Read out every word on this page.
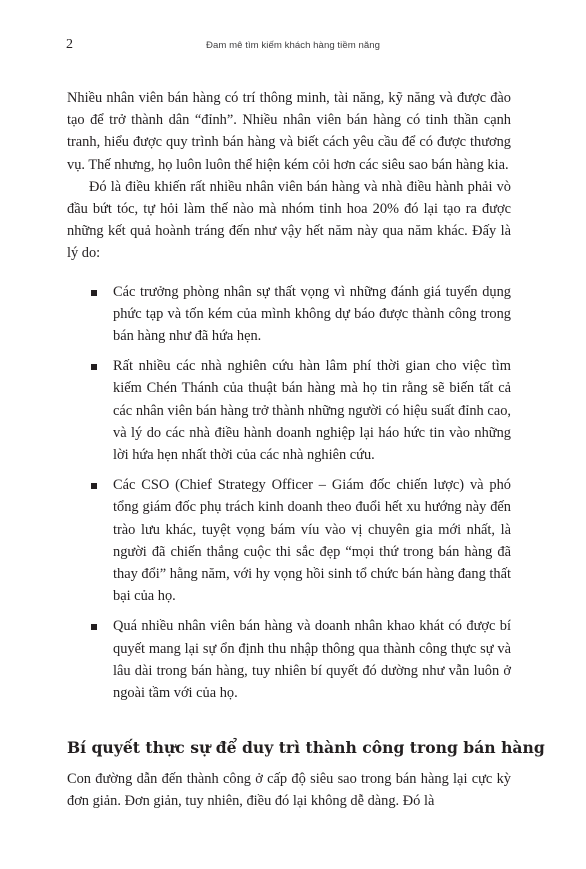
2	Đam mê tìm kiếm khách hàng tiềm năng

Nhiều nhân viên bán hàng có trí thông minh, tài năng, kỹ năng và được đào tạo để trở thành dân “đỉnh”. Nhiều nhân viên bán hàng có tinh thần cạnh tranh, hiểu được quy trình bán hàng và biết cách yêu cầu để có được thương vụ. Thế nhưng, họ luôn luôn thể hiện kém cỏi hơn các siêu sao bán hàng kia.

Đó là điều khiến rất nhiều nhân viên bán hàng và nhà điều hành phải vò đầu bứt tóc, tự hỏi làm thế nào mà nhóm tinh hoa 20% đó lại tạo ra được những kết quả hoành tráng đến như vậy hết năm này qua năm khác. Đấy là lý do:

Các trưởng phòng nhân sự thất vọng vì những đánh giá tuyển dụng phức tạp và tốn kém của mình không dự báo được thành công trong bán hàng như đã hứa hẹn.

Rất nhiều các nhà nghiên cứu hàn lâm phí thời gian cho việc tìm kiếm Chén Thánh của thuật bán hàng mà họ tin rằng sẽ biến tất cả các nhân viên bán hàng trở thành những người có hiệu suất đỉnh cao, và lý do các nhà điều hành doanh nghiệp lại háo hức tin vào những lời hứa hẹn nhất thời của các nhà nghiên cứu.

Các CSO (Chief Strategy Officer – Giám đốc chiến lược) và phó tổng giám đốc phụ trách kinh doanh theo đuổi hết xu hướng này đến trào lưu khác, tuyệt vọng bám víu vào vị chuyên gia mới nhất, là người đã chiến thắng cuộc thi sắc đẹp “mọi thứ trong bán hàng đã thay đổi” hằng năm, với hy vọng hồi sinh tổ chức bán hàng đang thất bại của họ.

Quá nhiều nhân viên bán hàng và doanh nhân khao khát có được bí quyết mang lại sự ổn định thu nhập thông qua thành công thực sự và lâu dài trong bán hàng, tuy nhiên bí quyết đó dường như vẫn luôn ở ngoài tầm với của họ.

Bí quyết thực sự để duy trì thành công trong bán hàng

Con đường dẫn đến thành công ở cấp độ siêu sao trong bán hàng lại cực kỳ đơn giản. Đơn giản, tuy nhiên, điều đó lại không dễ dàng. Đó là
